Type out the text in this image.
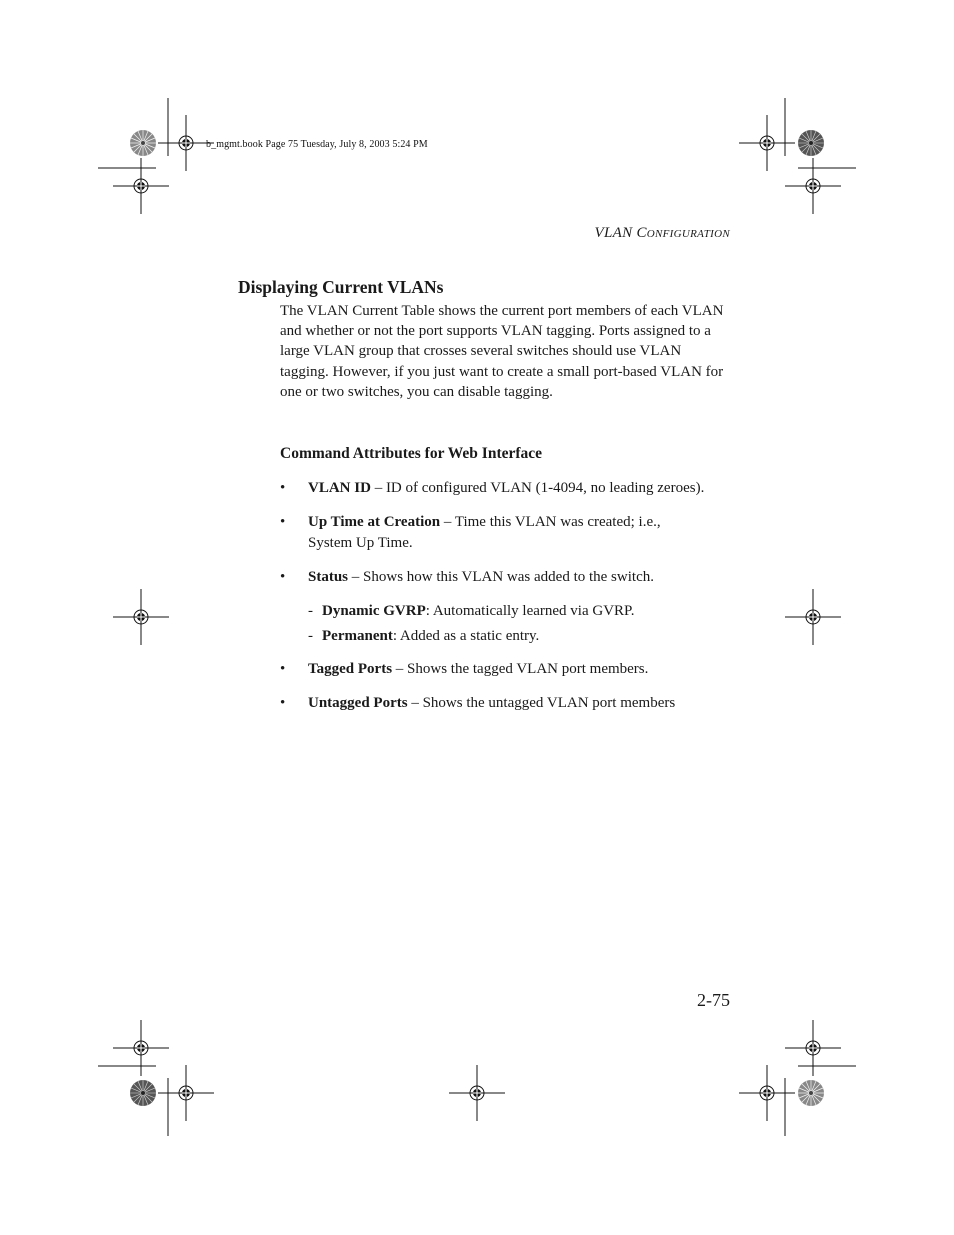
b_mgmt.book Page 75 Tuesday, July 8, 2003 5:24 PM
VLAN Configuration
Displaying Current VLANs

The VLAN Current Table shows the current port members of each VLAN and whether or not the port supports VLAN tagging. Ports assigned to a large VLAN group that crosses several switches should use VLAN tagging. However, if you just want to create a small port-based VLAN for one or two switches, you can disable tagging.

Command Attributes for Web Interface
• VLAN ID – ID of configured VLAN (1-4094, no leading zeroes).
• Up Time at Creation – Time this VLAN was created; i.e., System Up Time.
• Status – Shows how this VLAN was added to the switch.
- Dynamic GVRP: Automatically learned via GVRP.
- Permanent: Added as a static entry.
• Tagged Ports – Shows the tagged VLAN port members.
• Untagged Ports – Shows the untagged VLAN port members
2-75
